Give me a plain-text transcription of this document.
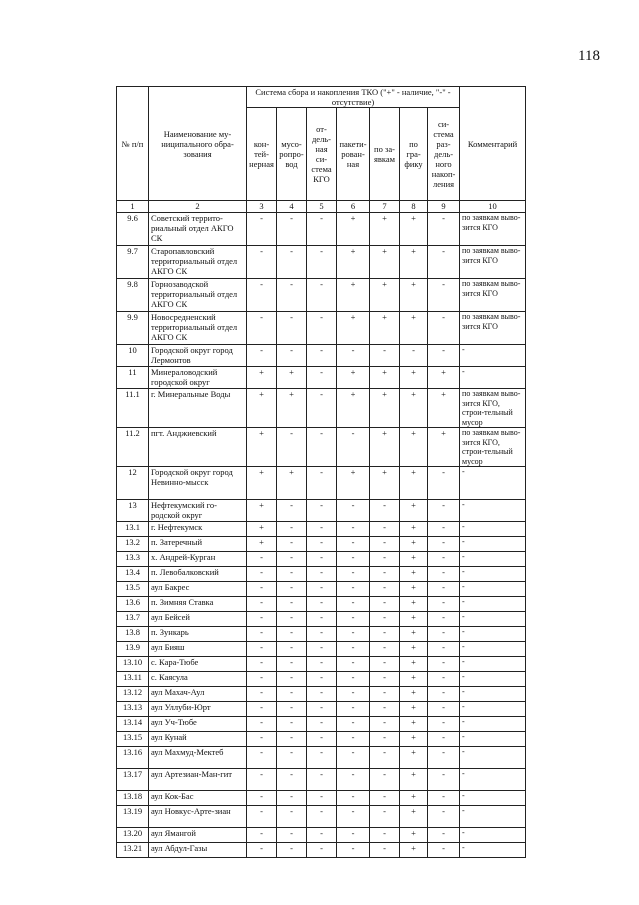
118
№ п/п	Наименование му-ниципального обра-зования	Система сбора и накопления ТКО ("+" - наличие, "-" - отсутствие)							Комментарий
		кон-тей-нерная	мусо-ропро-вод	от-дель-ная си-стема КГО	пакети-рован-ная	по за-явкам	по гра-фику	си-стема раз-дель-ного накоп-ления	
1	2	3	4	5	6	7	8	9	10
9.6	Советский террито-риальный отдел АКГО СК	-	-	-	+	+	+	-	по заявкам выво-зится КГО
9.7	Старопавловский территориальный отдел АКГО СК	-	-	-	+	+	+	-	по заявкам выво-зится КГО
9.8	Горнозаводской территориальный отдел АКГО СК	-	-	-	+	+	+	-	по заявкам выво-зится КГО
9.9	Новосредненский территориальный отдел АКГО СК	-	-	-	+	+	+	-	по заявкам выво-зится КГО
10	Городской округ город Лермонтов	-	-	-	-	-	-	-	-
11	Минераловодский городской округ	+	+	-	+	+	+	+	-
11.1	г. Минеральные Воды	+	+	-	+	+	+	+	по заявкам выво-зится КГО, строи-тельный мусор
11.2	пгт. Анджиевский	+	-	-	-	+	+	+	по заявкам выво-зится КГО, строи-тельный мусор
12	Городской округ город Невинно-мысск	+	+	-	+	+	+	-	-
13	Нефтекумский го-родской округ	+	-	-	-	-	+	-	-
13.1	г. Нефтекумск	+	-	-	-	-	+	-	-
13.2	п. Затеречный	+	-	-	-	-	+	-	-
13.3	х. Андрей-Курган	-	-	-	-	-	+	-	-
13.4	п. Левобалковский	-	-	-	-	-	+	-	-
13.5	аул Бакрес	-	-	-	-	-	+	-	-
13.6	п. Зимняя Ставка	-	-	-	-	-	+	-	-
13.7	аул Бейсей	-	-	-	-	-	+	-	-
13.8	п. Зункарь	-	-	-	-	-	+	-	-
13.9	аул Бияш	-	-	-	-	-	+	-	-
13.10	с. Кара-Тюбе	-	-	-	-	-	+	-	-
13.11	с. Каясула	-	-	-	-	-	+	-	-
13.12	аул Махач-Аул	-	-	-	-	-	+	-	-
13.13	аул Уллуби-Юрт	-	-	-	-	-	+	-	-
13.14	аул Уч-Тюбе	-	-	-	-	-	+	-	-
13.15	аул Кунай	-	-	-	-	-	+	-	-
13.16	аул Махмуд-Мектеб	-	-	-	-	-	+	-	-
13.17	аул Артезиан-Ман-гит	-	-	-	-	-	+	-	-
13.18	аул Кок-Бас	-	-	-	-	-	+	-	-
13.19	аул Новкус-Арте-зиан	-	-	-	-	-	+	-	-
13.20	аул Ямангой	-	-	-	-	-	+	-	-
13.21	аул Абдул-Газы	-	-	-	-	-	+	-	-
